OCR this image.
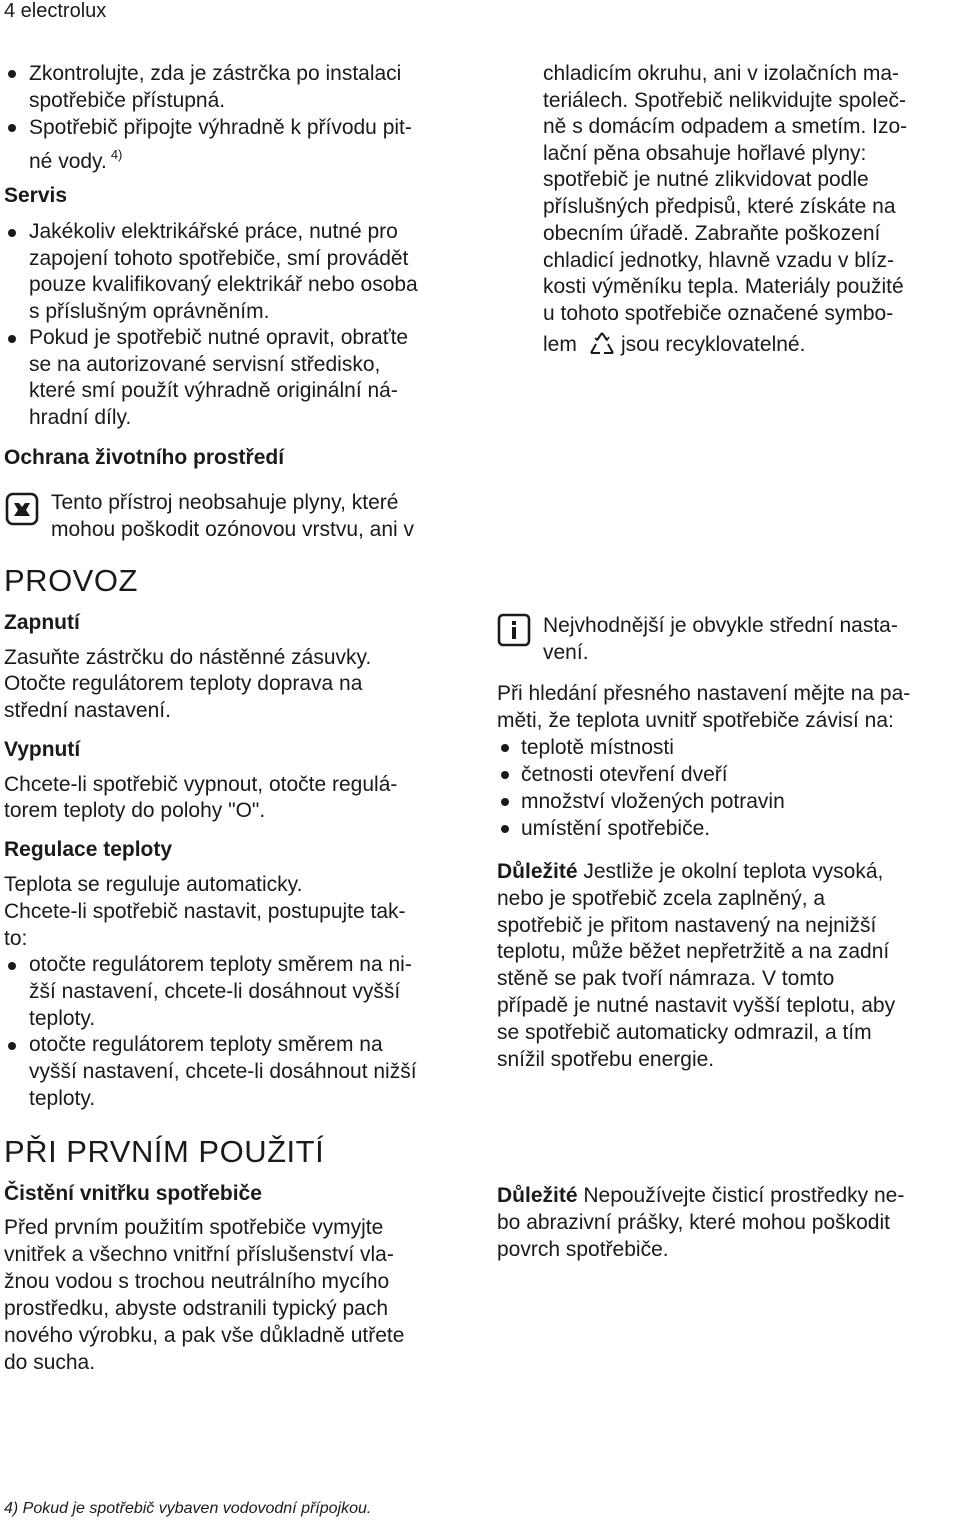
4 electrolux
Zkontrolujte, zda je zástrčka po instalaci
spotřebiče přístupná.
Spotřebič připojte výhradně k přívodu pit-
né vody. $^{4)}$
Servis
Jakékoliv elektrikářské práce, nutné pro
zapojení tohoto spotřebiče, smí provádět
pouze kvalifikovaný elektrikář nebo osoba
s příslušným oprávněním.
Pokud je spotřebič nutné opravit, obraťte
se na autorizované servisní středisko,
které smí použít výhradně originální ná-
hradní díly.
Ochrana životního prostředí
Tento přístroj neobsahuje plyny, které
mohou poškodit ozónovou vrstvu, ani v
chladicím okruhu, ani v izolačních ma-
teriálech. Spotřebič nelikvidujte společ-
ně s domácím odpadem a smetím. Izo-
lační pěna obsahuje hořlavé plyny:
spotřebič je nutné zlikvidovat podle
příslušných předpisů, které získáte na
obecním úřadě. Zabraňte poškození
chladicí jednotky, hlavně vzadu v blíz-
kosti výměníku tepla. Materiály použité
u tohoto spotřebiče označené symbo-
lem jsou recyklovatelné.
PROVOZ
Zapnutí
Zasuňte zástrčku do nástěnné zásuvky.
Otočte regulátorem teploty doprava na
střední nastavení.
Vypnutí
Chcete-li spotřebič vypnout, otočte regulá-
torem teploty do polohy "O".
Regulace teploty
Teplota se reguluje automaticky.
Chcete-li spotřebič nastavit, postupujte tak-
to:
otočte regulátorem teploty směrem na ni-
žší nastavení, chcete-li dosáhnout vyšší
teploty.
otočte regulátorem teploty směrem na
vyšší nastavení, chcete-li dosáhnout nižší
teploty.
Nejvhodnější je obvykle střední nasta-
vení.
Při hledání přesného nastavení mějte na pa-
měti, že teplota uvnitř spotřebiče závisí na:
teplotě místnosti
četnosti otevření dveří
množství vložených potravin
umístění spotřebiče.
Důležité Jestliže je okolní teplota vysoká,
nebo je spotřebič zcela zaplněný, a
spotřebič je přitom nastavený na nejnižší
teplotu, může běžet nepřetržitě a na zadní
stěně se pak tvoří námraza. V tomto
případě je nutné nastavit vyšší teplotu, aby
se spotřebič automaticky odmrazil, a tím
snížil spotřebu energie.
PŘI PRVNÍM POUŽITÍ
Čistění vnitřku spotřebiče
Před prvním použitím spotřebiče vymyjte
vnitřek a všechno vnitřní příslušenství vla-
žnou vodou s trochou neutrálního mycího
prostředku, abyste odstranili typický pach
nového výrobku, a pak vše důkladně utřete
do sucha.
Důležité Nepoužívejte čisticí prostředky ne-
bo abrazivní prášky, které mohou poškodit
povrch spotřebiče.
4) Pokud je spotřebič vybaven vodovodní přípojkou.
